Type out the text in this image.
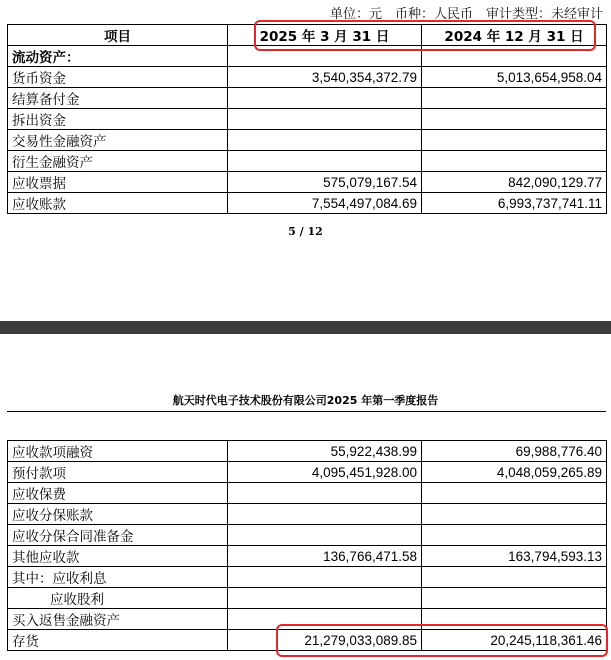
单位：元　币种：人民币　审计类型：未经审计
项目	2025 年 3 月 31 日	2024 年 12 月 31 日
流动资产：		
货币资金	3,540,354,372.79	5,013,654,958.04
结算备付金		
拆出资金		
交易性金融资产		
衍生金融资产		
应收票据	575,079,167.54	842,090,129.77
应收账款	7,554,497,084.69	6,993,737,741.11
5 / 12
航天时代电子技术股份有限公司2025 年第一季度报告
应收款项融资	55,922,438.99	69,988,776.40
预付款项	4,095,451,928.00	4,048,059,265.89
应收保费		
应收分保账款		
应收分保合同准备金		
其他应收款	136,766,471.58	163,794,593.13
其中：应收利息		
应收股利		
买入返售金融资产		
存货	21,279,033,089.85	20,245,118,361.46
